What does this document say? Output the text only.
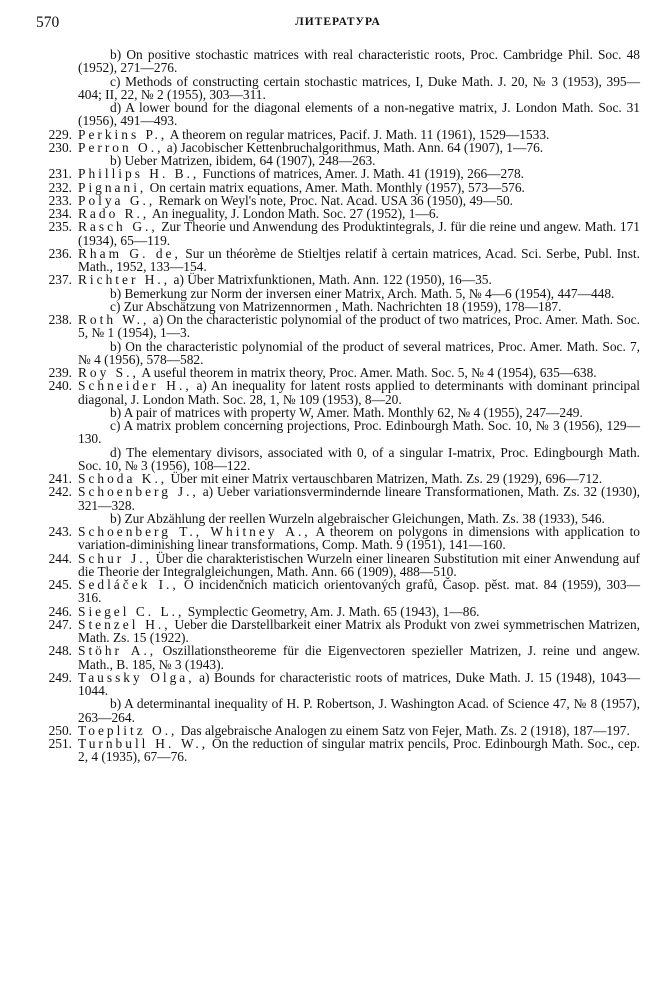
570	ЛИТЕРАТУРА
b) On positive stochastic matrices with real characteristic roots, Proc. Cambridge Phil. Soc. 48 (1952), 271—276.
c) Methods of constructing certain stochastic matrices, I, Duke Math. J. 20, № 3 (1953), 395—404; II, 22, № 2 (1955), 303—311.
d) A lower bound for the diagonal elements of a non-negative matrix, J. London Math. Soc. 31 (1956), 491—493.
229. Perkins P., A theorem on regular matrices, Pacif. J. Math. 11 (1961), 1529—1533.
230. Perron O., a) Jacobischer Kettenbruchalgorithmus, Math. Ann. 64 (1907), 1—76.
b) Ueber Matrizen, ibidem, 64 (1907), 248—263.
231. Phillips H. B., Functions of matrices, Amer. J. Math. 41 (1919), 266—278.
232. Pignani, On certain matrix equations, Amer. Math. Monthly (1957), 573—576.
233. Polya G., Remark on Weyl's note, Proc. Nat. Acad. USA 36 (1950), 49—50.
234. Rado R., An ineguality, J. London Math. Soc. 27 (1952), 1—6.
235. Rasch G., Zur Theorie und Anwendung des Produktintegrals, J. für die reine und angew. Math. 171 (1934), 65—119.
236. Rham G. de, Sur un théorème de Stieltjes relatif à certain matrices, Acad. Sci. Serbe, Publ. Inst. Math., 1952, 133—154.
237. Richter H., a) Über Matrixfunktionen, Math. Ann. 122 (1950), 16—35.
b) Bemerkung zur Norm der inversen einer Matrix, Arch. Math. 5, № 4—6 (1954), 447—448.
c) Zur Abschätzung von Matrizennormen , Math. Nachrichten 18 (1959), 178—187.
238. Roth W., a) On the characteristic polynomial of the product of two matrices, Proc. Amer. Math. Soc. 5, № 1 (1954), 1—3.
b) On the characteristic polynomial of the product of several matrices, Proc. Amer. Math. Soc. 7, № 4 (1956), 578—582.
239. Roy S., A useful theorem in matrix theory, Proc. Amer. Math. Soc. 5, № 4 (1954), 635—638.
240. Schneider H., a) An inequality for latent rosts applied to determinants with dominant principal diagonal, J. London Math. Soc. 28, 1, № 109 (1953), 8—20.
b) A pair of matrices with property W, Amer. Math. Monthly 62, № 4 (1955), 247—249.
c) A matrix problem concerning projections, Proc. Edinbourgh Math. Soc. 10, № 3 (1956), 129—130.
d) The elementary divisors, associated with 0, of a singular I-matrix, Proc. Edingbourgh Math. Soc. 10, № 3 (1956), 108—122.
241. Schoda K., Über mit einer Matrix vertauschbaren Matrizen, Math. Zs. 29 (1929), 696—712.
242. Schoenberg J., a) Ueber variationsvermindernde lineare Transformationen, Math. Zs. 32 (1930), 321—328.
b) Zur Abzählung der reellen Wurzeln algebraischer Gleichungen, Math. Zs. 38 (1933), 546.
243. Schoenberg T., Whitney A., A theorem on polygons in dimensions with application to variation-diminishing linear transformations, Comp. Math. 9 (1951), 141—160.
244. Schur J., Über die charakteristischen Wurzeln einer linearen Substitution mit einer Anwendung auf die Theorie der Integralgleichungen, Math. Ann. 66 (1909), 488—510.
245. Sedláček I., O incidenčnich maticich orientovaných grafů, Časop. pěst. mat. 84 (1959), 303—316.
246. Siegel C. L., Symplectic Geometry, Am. J. Math. 65 (1943), 1—86.
247. Stenzel H., Ueber die Darstellbarkeit einer Matrix als Produkt von zwei symmetrischen Matrizen, Math. Zs. 15 (1922).
248. Stöhr A., Oszillationstheoreme für die Eigenvectoren spezieller Matrizen, J. reine und angew. Math., B. 185, № 3 (1943).
249. Taussky Olga, a) Bounds for characteristic roots of matrices, Duke Math. J. 15 (1948), 1043—1044.
b) A determinantal inequality of H. P. Robertson, J. Washington Acad. of Science 47, № 8 (1957), 263—264.
250. Toeplitz O., Das algebraische Analogen zu einem Satz von Fejer, Math. Zs. 2 (1918), 187—197.
251. Turnbull H. W., On the reduction of singular matrix pencils, Proc. Edinbourgh Math. Soc., сер. 2, 4 (1935), 67—76.
